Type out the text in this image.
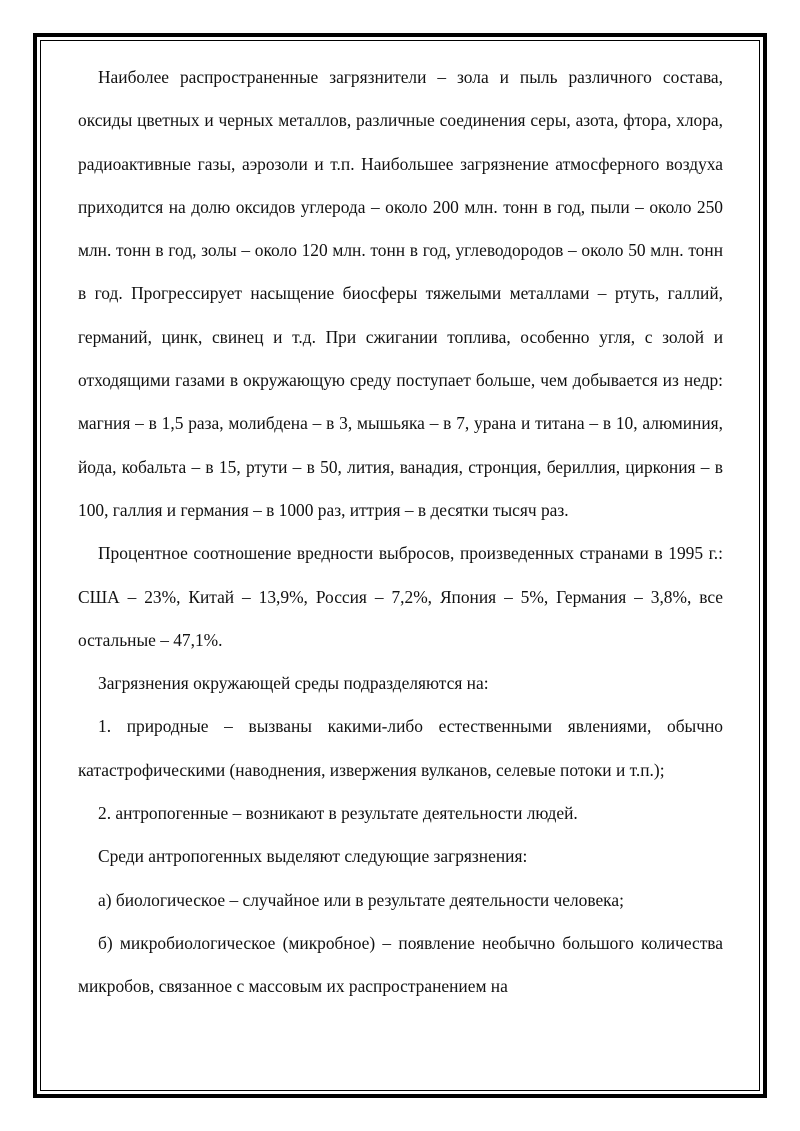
Наиболее распространенные загрязнители – зола и пыль различного состава, оксиды цветных и черных металлов, различные соединения серы, азота, фтора, хлора, радиоактивные газы, аэрозоли и т.п. Наибольшее загрязнение атмосферного воздуха приходится на долю оксидов углерода – около 200 млн. тонн в год, пыли – около 250 млн. тонн в год, золы – около 120 млн. тонн в год, углеводородов – около 50 млн. тонн в год. Прогрессирует насыщение биосферы тяжелыми металлами – ртуть, галлий, германий, цинк, свинец и т.д. При сжигании топлива, особенно угля, с золой и отходящими газами в окружающую среду поступает больше, чем добывается из недр: магния – в 1,5 раза, молибдена – в 3, мышьяка – в 7, урана и титана – в 10, алюминия, йода, кобальта – в 15, ртути – в 50, лития, ванадия, стронция, бериллия, циркония – в 100, галлия и германия – в 1000 раз, иттрия – в десятки тысяч раз.

Процентное соотношение вредности выбросов, произведенных странами в 1995 г.: США – 23%, Китай – 13,9%, Россия – 7,2%, Япония – 5%, Германия – 3,8%, все остальные – 47,1%.

Загрязнения окружающей среды подразделяются на:

1. природные – вызваны какими-либо естественными явлениями, обычно катастрофическими (наводнения, извержения вулканов, селевые потоки и т.п.);

2. антропогенные – возникают в результате деятельности людей.

Среди антропогенных выделяют следующие загрязнения:

а) биологическое – случайное или в результате деятельности человека;

б) микробиологическое (микробное) – появление необычно большого количества микробов, связанное с массовым их распространением на
